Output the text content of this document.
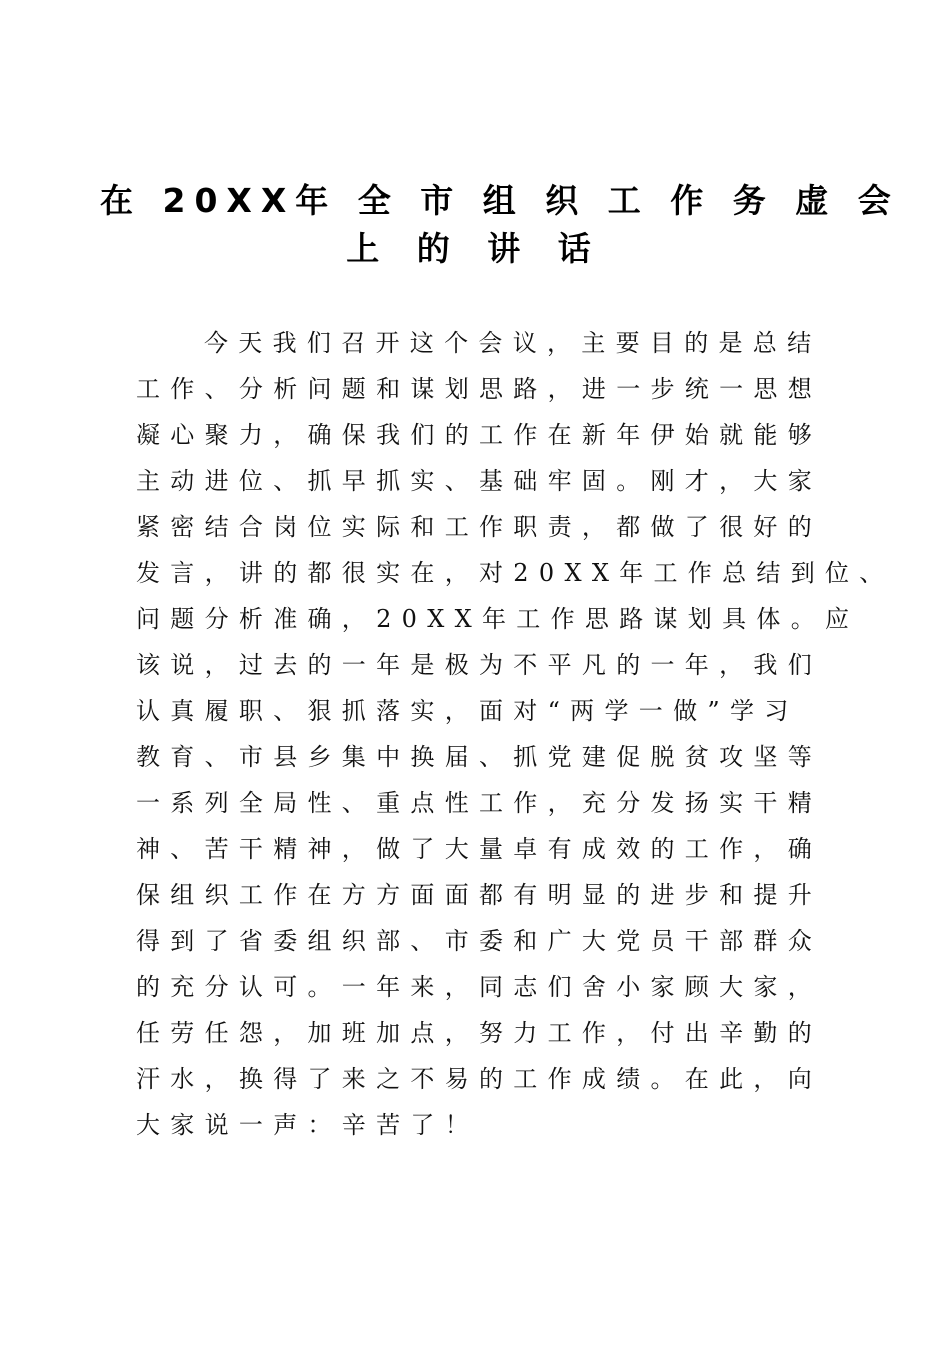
在 20XX年 全 市 组 织 工 作 务 虚 会
上 的 讲 话
今天我们召开这个会议，主要目的是总结
工作、分析问题和谋划思路，进一步统一思想
凝心聚力，确保我们的工作在新年伊始就能够
主动进位、抓早抓实、基础牢固。刚才，大家
紧密结合岗位实际和工作职责，都做了很好的
发言，讲的都很实在，对20XX年工作总结到位、
问题分析准确，20XX年工作思路谋划具体。应
该说，过去的一年是极为不平凡的一年，我们
认真履职、狠抓落实，面对“两学一做”学习
教育、市县乡集中换届、抓党建促脱贫攻坚等
一系列全局性、重点性工作，充分发扬实干精
神、苦干精神，做了大量卓有成效的工作，确
保组织工作在方方面面都有明显的进步和提升
得到了省委组织部、市委和广大党员干部群众
的充分认可。一年来，同志们舍小家顾大家，
任劳任怨，加班加点，努力工作，付出辛勤的
汗水，换得了来之不易的工作成绩。在此，向
大家说一声：辛苦了！
